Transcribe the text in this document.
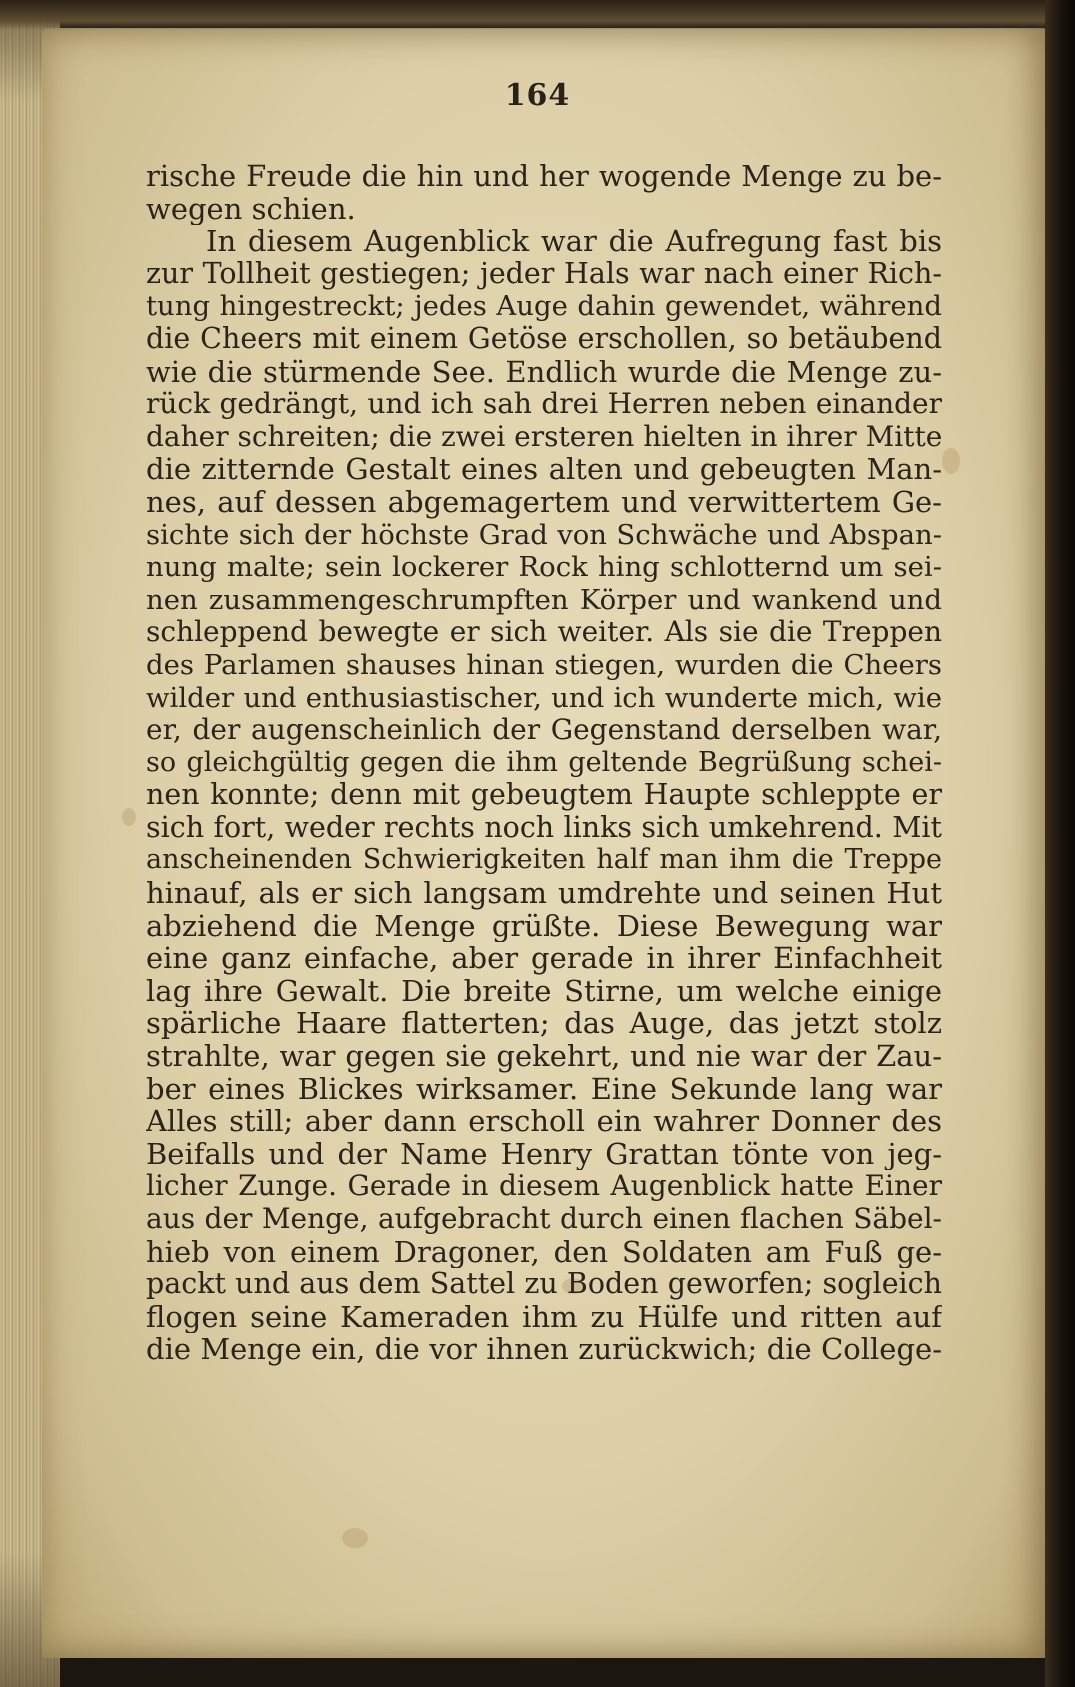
164
rische Freude die hin und her wogende Menge zu be-
wegen schien.
In diesem Augenblick war die Aufregung fast bis
zur Tollheit gestiegen; jeder Hals war nach einer Rich-
tung hingestreckt; jedes Auge dahin gewendet, während
die Cheers mit einem Getöse erschollen, so betäubend
wie die stürmende See. Endlich wurde die Menge zu-
rück gedrängt, und ich sah drei Herren neben einander
daher schreiten; die zwei ersteren hielten in ihrer Mitte
die zitternde Gestalt eines alten und gebeugten Man-
nes, auf dessen abgemagertem und verwittertem Ge-
sichte sich der höchste Grad von Schwäche und Abspan-
nung malte; sein lockerer Rock hing schlotternd um sei-
nen zusammengeschrumpften Körper und wankend und
schleppend bewegte er sich weiter. Als sie die Treppen
des Parlamen shauses hinan stiegen, wurden die Cheers
wilder und enthusiastischer, und ich wunderte mich, wie
er, der augenscheinlich der Gegenstand derselben war,
so gleichgültig gegen die ihm geltende Begrüßung schei-
nen konnte; denn mit gebeugtem Haupte schleppte er
sich fort, weder rechts noch links sich umkehrend. Mit
anscheinenden Schwierigkeiten half man ihm die Treppe
hinauf, als er sich langsam umdrehte und seinen Hut
abziehend die Menge grüßte. Diese Bewegung war
eine ganz einfache, aber gerade in ihrer Einfachheit
lag ihre Gewalt. Die breite Stirne, um welche einige
spärliche Haare flatterten; das Auge, das jetzt stolz
strahlte, war gegen sie gekehrt, und nie war der Zau-
ber eines Blickes wirksamer. Eine Sekunde lang war
Alles still; aber dann erscholl ein wahrer Donner des
Beifalls und der Name Henry Grattan tönte von jeg-
licher Zunge. Gerade in diesem Augenblick hatte Einer
aus der Menge, aufgebracht durch einen flachen Säbel-
hieb von einem Dragoner, den Soldaten am Fuß ge-
packt und aus dem Sattel zu Boden geworfen; sogleich
flogen seine Kameraden ihm zu Hülfe und ritten auf
die Menge ein, die vor ihnen zurückwich; die College-
